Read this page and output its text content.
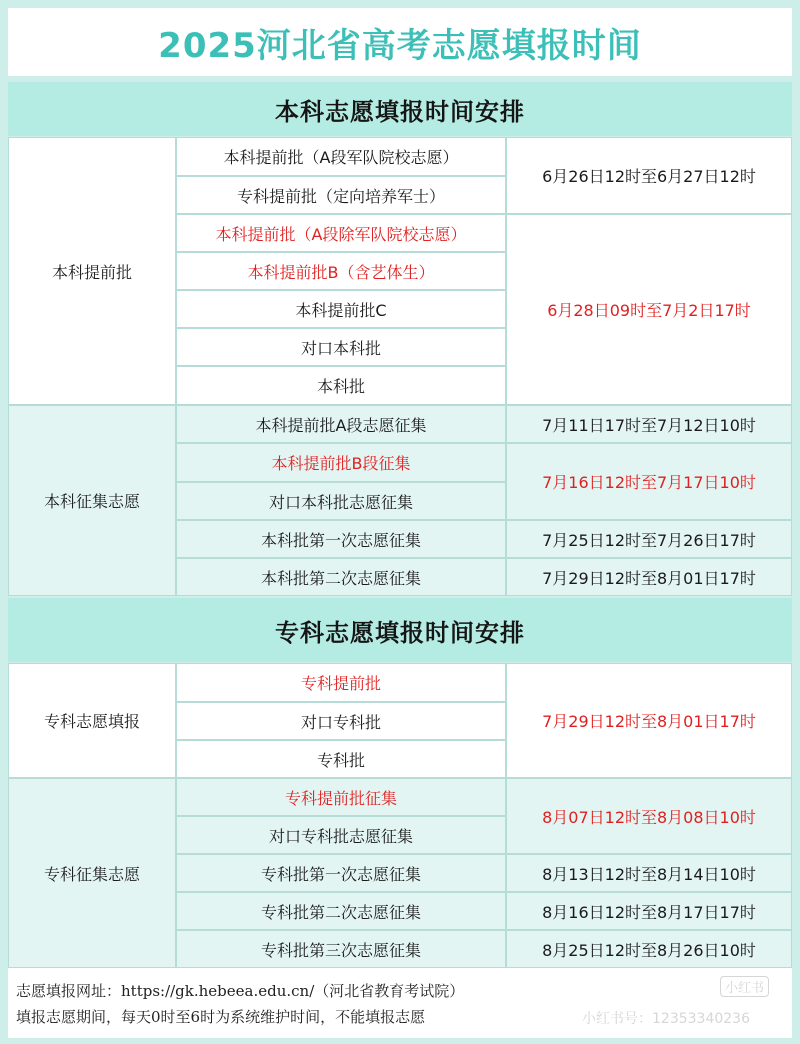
2025河北省高考志愿填报时间
本科志愿填报时间安排
本科提前批
本科提前批（A段军队院校志愿）
专科提前批（定向培养军士）
本科提前批（A段除军队院校志愿）
本科提前批B（含艺体生）
本科提前批C
对口本科批
本科批
6月26日12时至6月27日12时
6月28日09时至7月2日17时
本科征集志愿
本科提前批A段志愿征集
本科提前批B段征集
对口本科批志愿征集
本科批第一次志愿征集
本科批第二次志愿征集
7月11日17时至7月12日10时
7月16日12时至7月17日10时
7月25日12时至7月26日17时
7月29日12时至8月01日17时
专科志愿填报时间安排
专科志愿填报
专科提前批
对口专科批
专科批
7月29日12时至8月01日17时
专科征集志愿
专科提前批征集
对口专科批志愿征集
专科批第一次志愿征集
专科批第二次志愿征集
专科批第三次志愿征集
8月07日12时至8月08日10时
8月13日12时至8月14日10时
8月16日12时至8月17日17时
8月25日12时至8月26日10时
志愿填报网址：https://gk.hebeea.edu.cn/（河北省教育考试院）
填报志愿期间，每天0时至6时为系统维护时间，不能填报志愿
小红书
小红书号：12353340236
